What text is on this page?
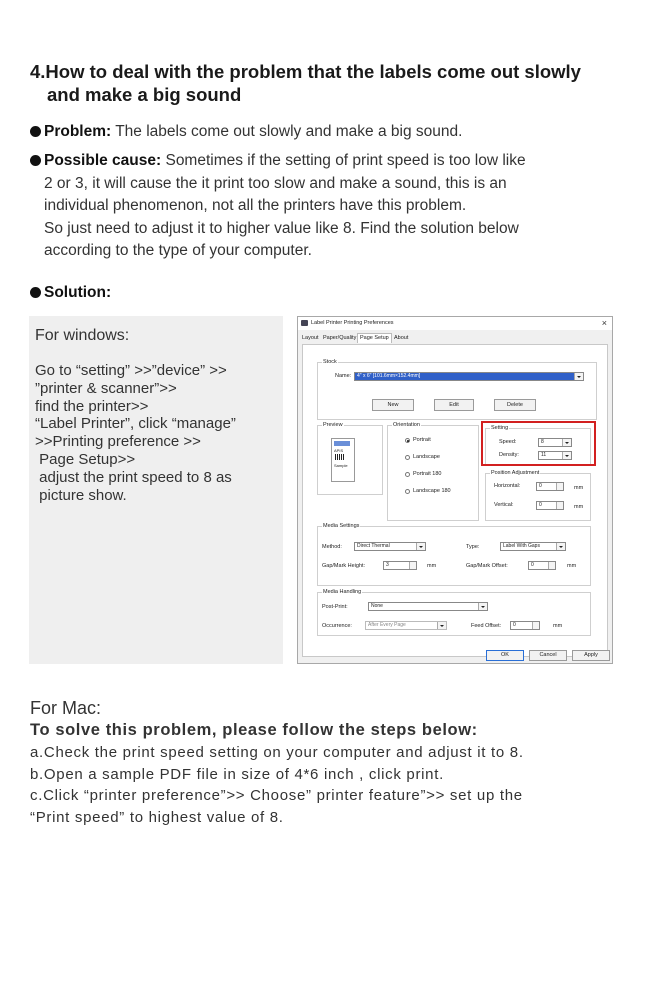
4.How to deal with the problem that the labels come out slowly
and make a big sound
Problem: The labels come out slowly and make a big sound.
Possible cause: Sometimes if the setting of print speed is too low like
2 or 3, it will cause the it print too slow and make a sound, this is an
individual phenomenon, not all the printers have this problem.
So just need to adjust it to higher value like 8. Find the solution below
according to the type of your computer.
Solution:
For windows:
Go to “setting” >>”device” >>
”printer & scanner”>>
find the printer>>
“Label Printer”, click “manage”
>>Printing preference >>
Page Setup>>
adjust the print speed to 8 as
picture show.
Label Printer Printing Preferences	×
Layout Paper/Quality Page Setup About
Stock
Name:	4" x 6" [101.6mm×152.4mm]
New	Edit	Delete
Preview
APIS
Sample
Orientation
Portrait
Landscape
Portrait 180
Landscape 180
Setting
Speed:	8
Density:	11
Position Adjustment
Horizontal:	0	mm
Vertical:	0	mm
Media Settings
Method:	Direct Thermal	Type:	Label With Gaps
Gap/Mark Height:	3	mm	Gap/Mark Offset:	0	mm
Media Handling
Post-Print:	None
Occurrence:	After Every Page	Feed Offset:	0	mm
OK	Cancel	Apply
For Mac:
To solve this problem, please follow the steps below:
a.Check the print speed setting on your computer and adjust it to 8.
b.Open a sample PDF file in size of 4*6 inch , click print.
c.Click “printer preference”>> Choose” printer feature”>> set up the
“Print speed” to highest value of 8.
